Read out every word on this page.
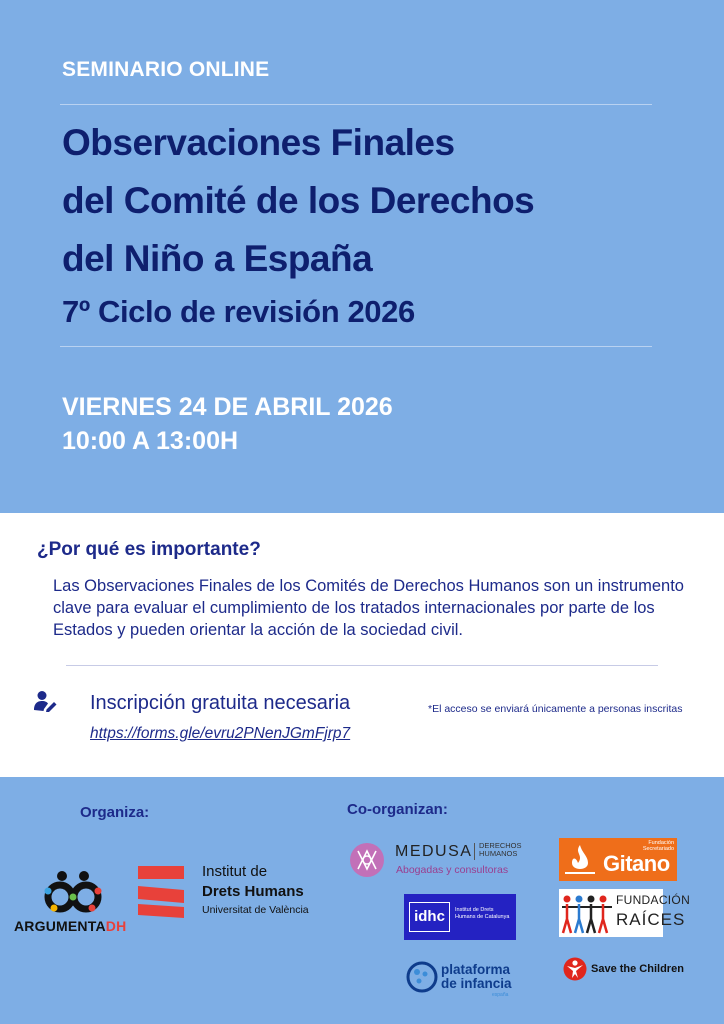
SEMINARIO ONLINE
Observaciones Finales
del Comité de los Derechos
del Niño a España
7º Ciclo de revisión 2026
VIERNES 24 DE ABRIL 2026
10:00 A 13:00H
¿Por qué es importante?
Las Observaciones Finales de los Comités de Derechos Humanos son un instrumento clave para evaluar el cumplimiento de los tratados internacionales por parte de los Estados y pueden orientar la acción de la sociedad civil.
Inscripción gratuita necesaria
https://forms.gle/evru2PNenJGmFjrp7
*El acceso se enviará únicamente a personas inscritas
Organiza:	Co-organizan:
ARGUMENTADH
Institut de
Drets Humans
Universitat de València
MEDUSA DERECHOS HUMANOS
Abogadas y consultoras
idhc	Institut de Drets Humans de Catalunya
plataforma
de infancia
españa
Fundación Secretariado
Gitano
FUNDACIÓN
RAÍCES
Save the Children
